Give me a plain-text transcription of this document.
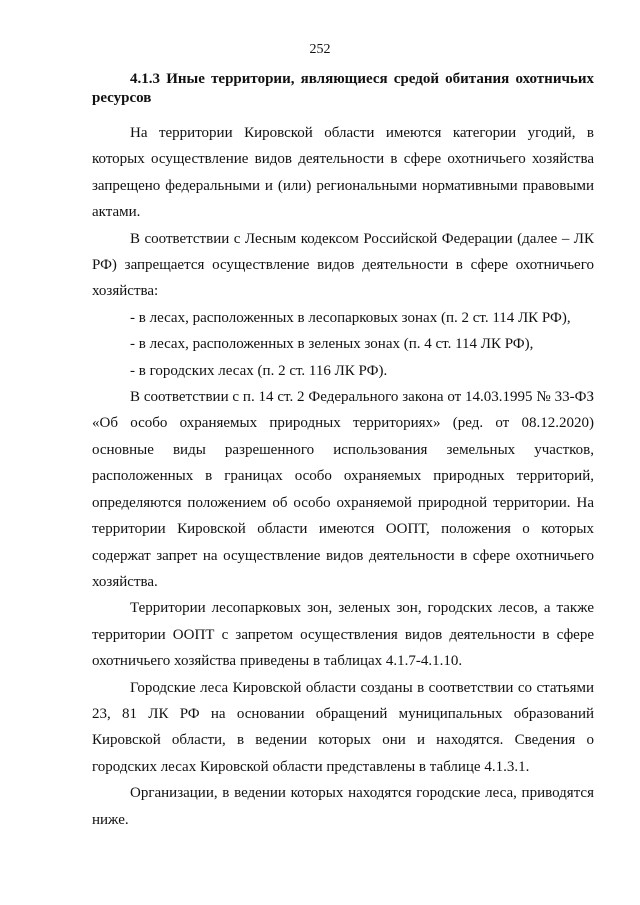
252
4.1.3 Иные территории, являющиеся средой обитания охотничьих ресурсов

На территории Кировской области имеются категории угодий, в которых осуществление видов деятельности в сфере охотничьего хозяйства запрещено федеральными и (или) региональными нормативными правовыми актами.

В соответствии с Лесным кодексом Российской Федерации (далее – ЛК РФ) запрещается осуществление видов деятельности в сфере охотничьего хозяйства:

- в лесах, расположенных в лесопарковых зонах (п. 2 ст. 114 ЛК РФ),

- в лесах, расположенных в зеленых зонах (п. 4 ст. 114 ЛК РФ),

- в городских лесах (п. 2 ст. 116 ЛК РФ).

В соответствии с п. 14 ст. 2 Федерального закона от 14.03.1995 № 33-ФЗ «Об особо охраняемых природных территориях» (ред. от 08.12.2020) основные виды разрешенного использования земельных участков, расположенных в границах особо охраняемых природных территорий, определяются положением об особо охраняемой природной территории. На территории Кировской области имеются ООПТ, положения о которых содержат запрет на осуществление видов деятельности в сфере охотничьего хозяйства.

Территории лесопарковых зон, зеленых зон, городских лесов, а также территории ООПТ с запретом осуществления видов деятельности в сфере охотничьего хозяйства приведены в таблицах 4.1.7-4.1.10.

Городские леса Кировской области созданы в соответствии со статьями 23, 81 ЛК РФ на основании обращений муниципальных образований Кировской области, в ведении которых они и находятся. Сведения о городских лесах Кировской области представлены в таблице 4.1.3.1.

Организации, в ведении которых находятся городские леса, приводятся ниже.
